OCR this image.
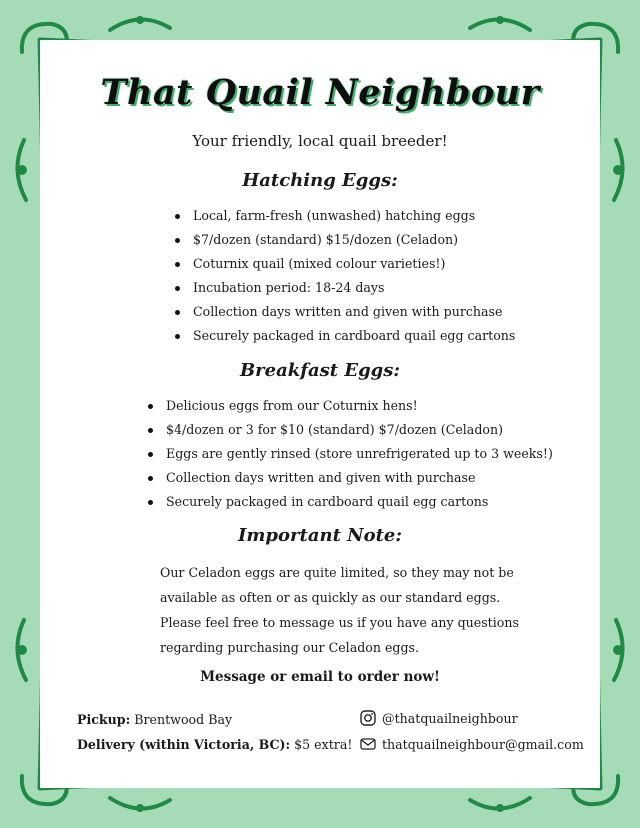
That Quail Neighbour
Your friendly, local quail breeder!
Hatching Eggs:
Local, farm-fresh (unwashed) hatching eggs
$7/dozen (standard) $15/dozen (Celadon)
Coturnix quail (mixed colour varieties!)
Incubation period: 18-24 days
Collection days written and given with purchase
Securely packaged in cardboard quail egg cartons
Breakfast Eggs:
Delicious eggs from our Coturnix hens!
$4/dozen or 3 for $10 (standard) $7/dozen (Celadon)
Eggs are gently rinsed (store unrefrigerated up to 3 weeks!)
Collection days written and given with purchase
Securely packaged in cardboard quail egg cartons
Important Note:

Our Celadon eggs are quite limited, so they may not be

available as often or as quickly as our standard eggs.

Please feel free to message us if you have any questions

regarding purchasing our Celadon eggs.

Message or email to order now!
Pickup: Brentwood Bay
Delivery (within Victoria, BC): $5 extra!
@thatquailneighbour
thatquailneighbour@gmail.com
